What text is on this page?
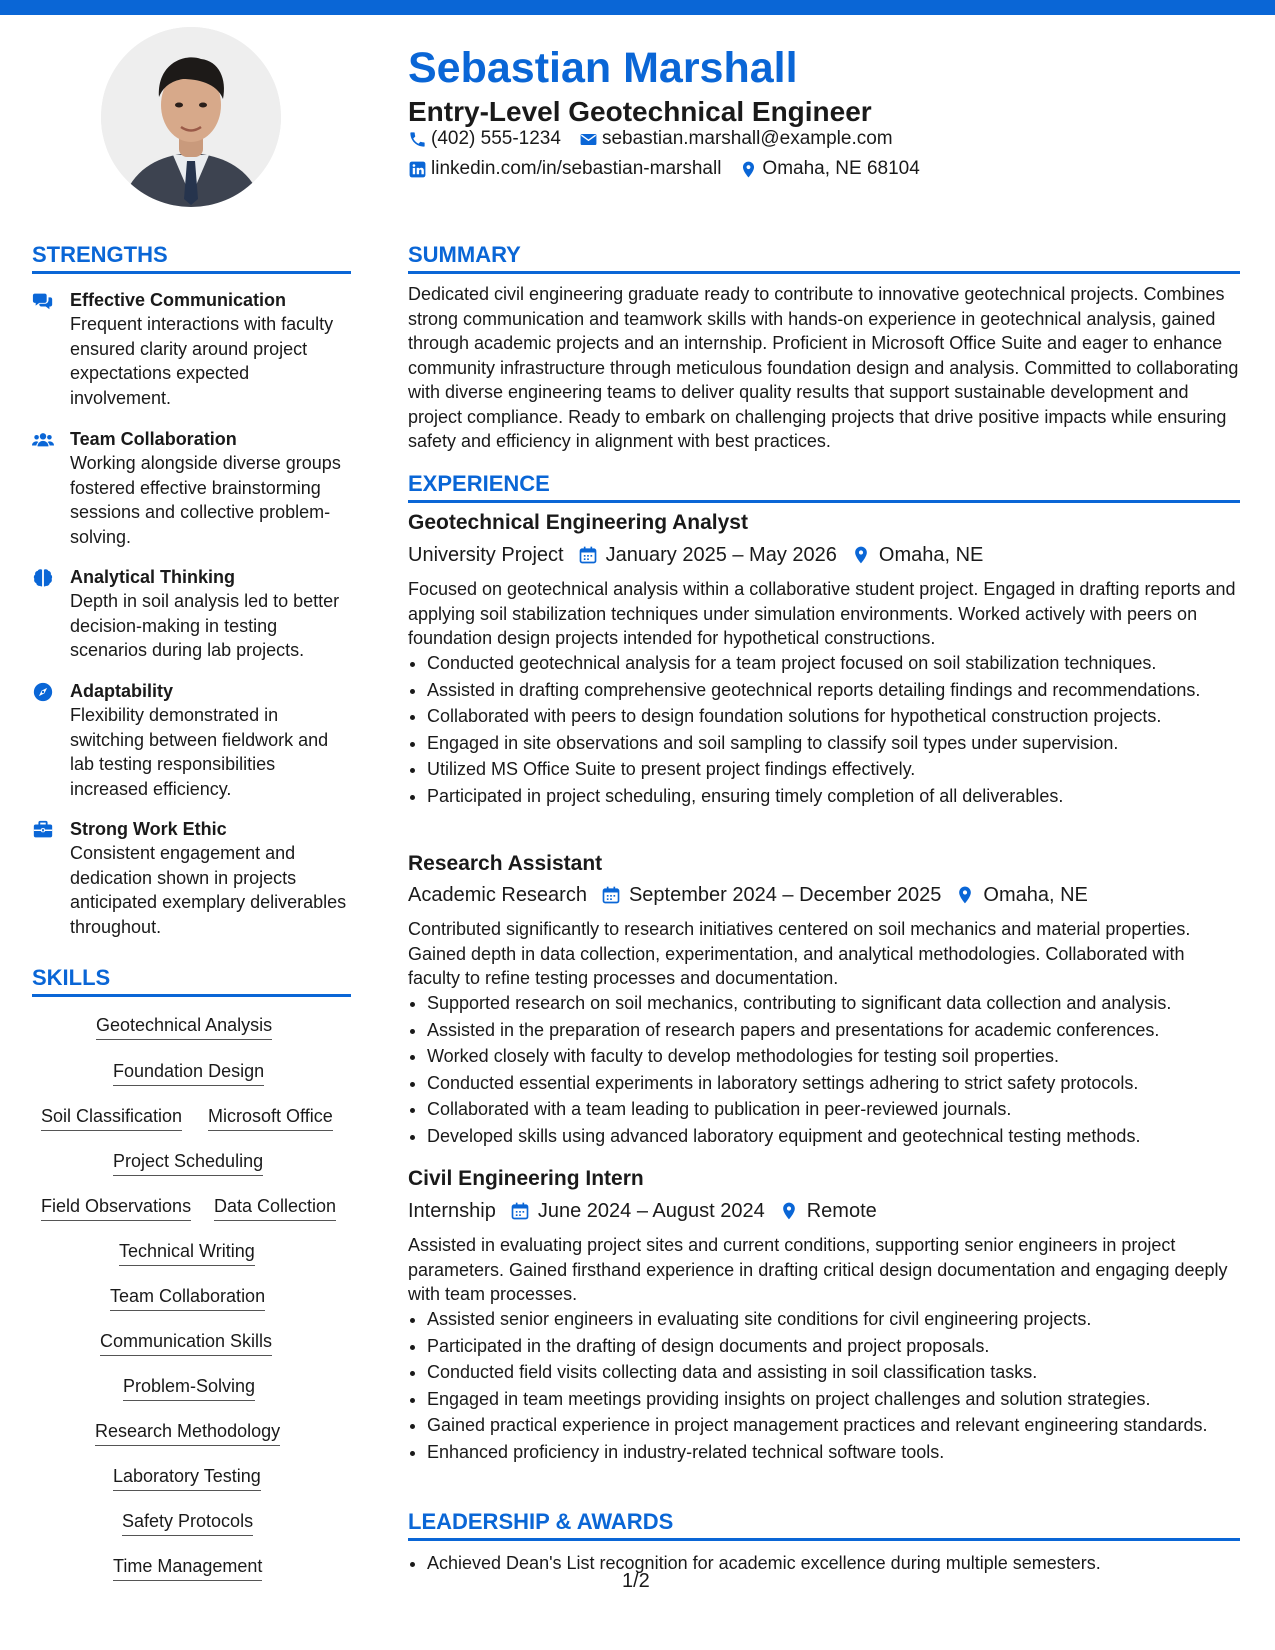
Sebastian Marshall
Entry-Level Geotechnical Engineer
(402) 555-1234 sebastian.marshall@example.com
linkedin.com/in/sebastian-marshall Omaha, NE 68104
STRENGTHS
Effective Communication
Frequent interactions with faculty ensured clarity around project expectations expected involvement.
Team Collaboration
Working alongside diverse groups fostered effective brainstorming sessions and collective problem-solving.
Analytical Thinking
Depth in soil analysis led to better decision-making in testing scenarios during lab projects.
Adaptability
Flexibility demonstrated in switching between fieldwork and lab testing responsibilities increased efficiency.
Strong Work Ethic
Consistent engagement and dedication shown in projects anticipated exemplary deliverables throughout.
SKILLS
Geotechnical Analysis
Foundation Design
Soil Classification Microsoft Office
Project Scheduling
Field Observations Data Collection
Technical Writing
Team Collaboration
Communication Skills
Problem-Solving
Research Methodology
Laboratory Testing
Safety Protocols
Time Management
SUMMARY

Dedicated civil engineering graduate ready to contribute to innovative geotechnical projects. Combines strong communication and teamwork skills with hands-on experience in geotechnical analysis, gained through academic projects and an internship. Proficient in Microsoft Office Suite and eager to enhance community infrastructure through meticulous foundation design and analysis. Committed to collaborating with diverse engineering teams to deliver quality results that support sustainable development and project compliance. Ready to embark on challenging projects that drive positive impacts while ensuring safety and efficiency in alignment with best practices.

EXPERIENCE
Geotechnical Engineering Analyst
University Project January 2025 – May 2026 Omaha, NE

Focused on geotechnical analysis within a collaborative student project. Engaged in drafting reports and applying soil stabilization techniques under simulation environments. Worked actively with peers on foundation design projects intended for hypothetical constructions.

• Conducted geotechnical analysis for a team project focused on soil stabilization techniques.
• Assisted in drafting comprehensive geotechnical reports detailing findings and recommendations.
• Collaborated with peers to design foundation solutions for hypothetical construction projects.
• Engaged in site observations and soil sampling to classify soil types under supervision.
• Utilized MS Office Suite to present project findings effectively.
• Participated in project scheduling, ensuring timely completion of all deliverables.
Research Assistant
Academic Research September 2024 – December 2025 Omaha, NE

Contributed significantly to research initiatives centered on soil mechanics and material properties. Gained depth in data collection, experimentation, and analytical methodologies. Collaborated with faculty to refine testing processes and documentation.

• Supported research on soil mechanics, contributing to significant data collection and analysis.
• Assisted in the preparation of research papers and presentations for academic conferences.
• Worked closely with faculty to develop methodologies for testing soil properties.
• Conducted essential experiments in laboratory settings adhering to strict safety protocols.
• Collaborated with a team leading to publication in peer-reviewed journals.
• Developed skills using advanced laboratory equipment and geotechnical testing methods.
Civil Engineering Intern
Internship June 2024 – August 2024 Remote

Assisted in evaluating project sites and current conditions, supporting senior engineers in project parameters. Gained firsthand experience in drafting critical design documentation and engaging deeply with team processes.

• Assisted senior engineers in evaluating site conditions for civil engineering projects.
• Participated in the drafting of design documents and project proposals.
• Conducted field visits collecting data and assisting in soil classification tasks.
• Engaged in team meetings providing insights on project challenges and solution strategies.
• Gained practical experience in project management practices and relevant engineering standards.
• Enhanced proficiency in industry-related technical software tools.
LEADERSHIP & AWARDS
• Achieved Dean's List recognition for academic excellence during multiple semesters.
1/2
